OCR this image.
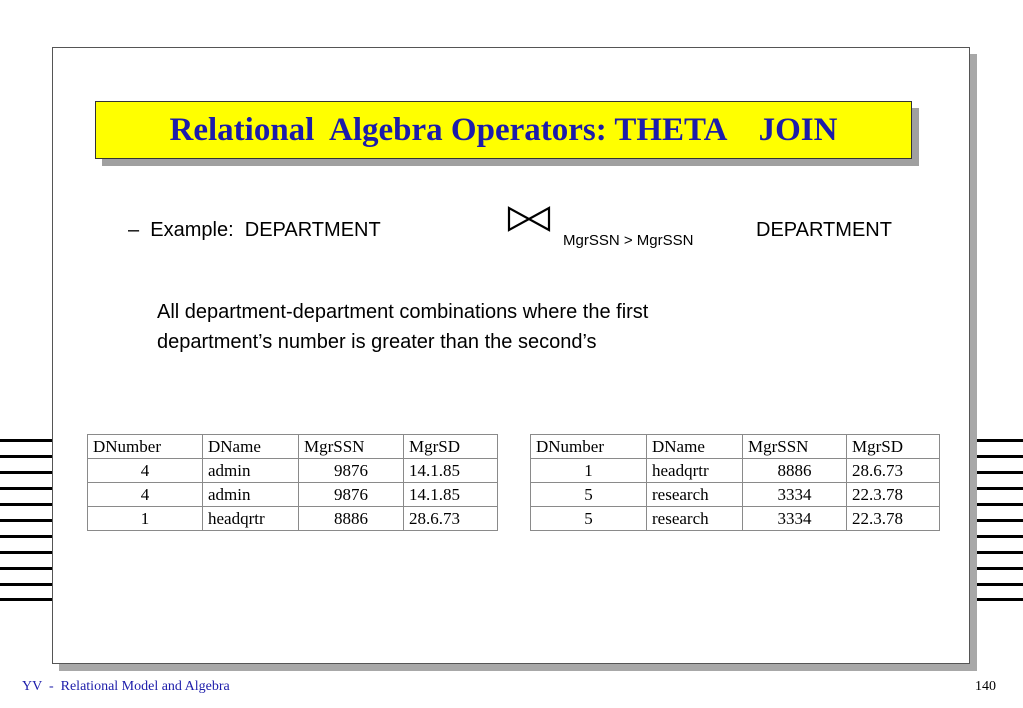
Relational  Algebra Operators: THETA    JOIN
–  Example: DEPARTMENT	MgrSSN > MgrSSN	DEPARTMENT
All department-department combinations where the first
department’s number is greater than the second’s
DNumber	DName	MgrSSN	MgrSD
4	admin	9876	14.1.85
4	admin	9876	14.1.85
1	headqrtr	8886	28.6.73
DNumber	DName	MgrSSN	MgrSD
1	headqrtr	8886	28.6.73
5	research	3334	22.3.78
5	research	3334	22.3.78
YV  -  Relational Model and Algebra	140
